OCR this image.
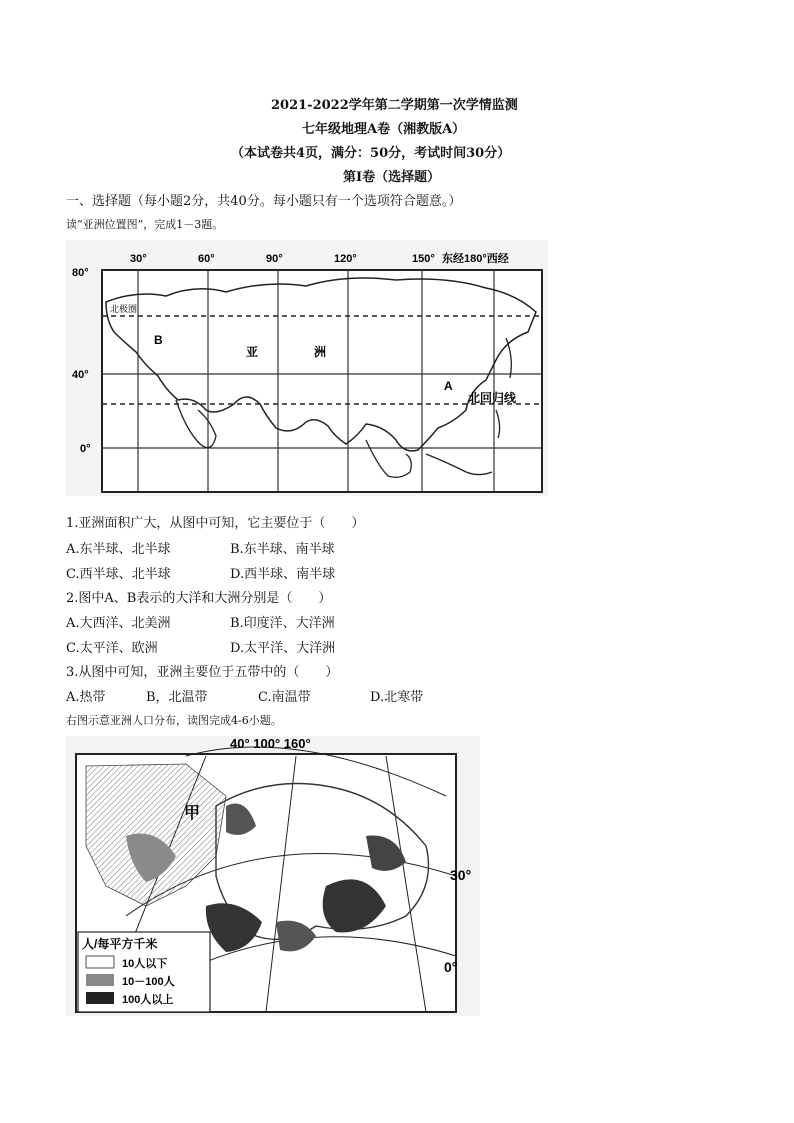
2021-2022学年第二学期第一次学情监测
七年级地理A卷（湘教版A）
（本试卷共4页，满分：50分，考试时间30分）
第I卷（选择题）
一、选择题（每小题2分，共40分。每小题只有一个选项符合题意。）
读“亚洲位置图”，完成1－3题。
30°	60°	90°	120°	150° 东经180°西经
80°
40°
0°
北极圈
B
亚	洲
A
北回归线
1.亚洲面积广大，从图中可知，它主要位于（　　）
A.东半球、北半球	B.东半球、南半球
C.西半球、北半球	D.西半球、南半球
2.图中A、B表示的大洋和大洲分别是（　　）
A.大西洋、北美洲	B.印度洋、大洋洲
C.太平洋、欧洲	D.太平洋、大洋洲
3.从图中可知，亚洲主要位于五带中的（　　）
A.热带	B，北温带	C.南温带	D.北寒带
右图示意亚洲人口分布，读图完成4-6小题。
40° 100° 160°
甲
30°
0°
人/每平方千米
10人以下
10－100人
100人以上
